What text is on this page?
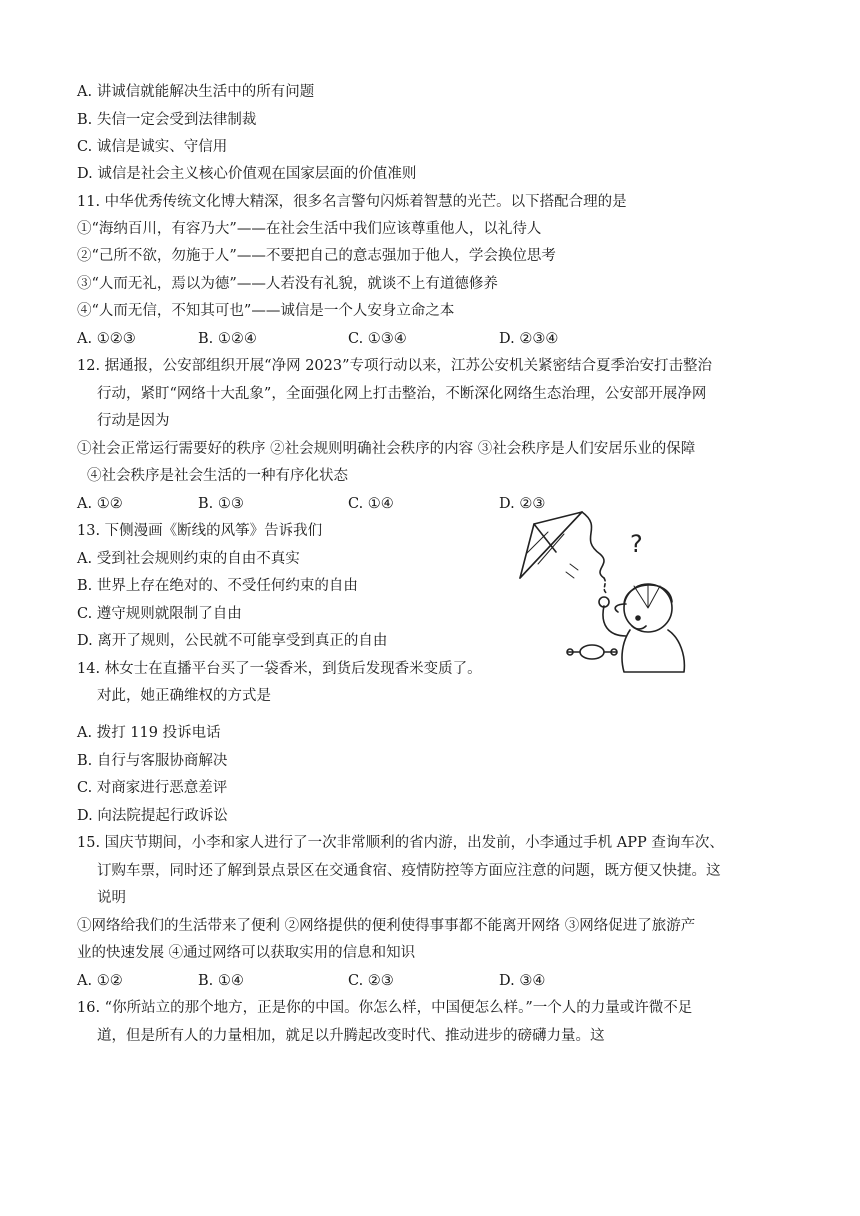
A. 讲诚信就能解决生活中的所有问题
B. 失信一定会受到法律制裁
C. 诚信是诚实、守信用
D. 诚信是社会主义核心价值观在国家层面的价值准则
11. 中华优秀传统文化博大精深，很多名言警句闪烁着智慧的光芒。以下搭配合理的是
①“海纳百川，有容乃大”——在社会生活中我们应该尊重他人，以礼待人
②“己所不欲，勿施于人”——不要把自己的意志强加于他人，学会换位思考
③“人而无礼，焉以为德”——人若没有礼貌，就谈不上有道德修养
④“人而无信，不知其可也”——诚信是一个人安身立命之本
A. ①②③	B. ①②④	C. ①③④	D. ②③④
12. 据通报，公安部组织开展“净网 2023”专项行动以来，江苏公安机关紧密结合夏季治安打击整治
行动，紧盯“网络十大乱象”，全面强化网上打击整治，不断深化网络生态治理，公安部开展净网
行动是因为
①社会正常运行需要好的秩序 ②社会规则明确社会秩序的内容 ③社会秩序是人们安居乐业的保障
④社会秩序是社会生活的一种有序化状态
A. ①②	B. ①③	C. ①④	D. ②③
13. 下侧漫画《断线的风筝》告诉我们
A. 受到社会规则约束的自由不真实
B. 世界上存在绝对的、不受任何约束的自由
C. 遵守规则就限制了自由
D. 离开了规则，公民就不可能享受到真正的自由
?
14. 林女士在直播平台买了一袋香米，到货后发现香米变质了。
对此，她正确维权的方式是
A. 拨打 119 投诉电话
B. 自行与客服协商解决
C. 对商家进行恶意差评
D. 向法院提起行政诉讼
15. 国庆节期间，小李和家人进行了一次非常顺利的省内游，出发前，小李通过手机 APP 查询车次、
订购车票，同时还了解到景点景区在交通食宿、疫情防控等方面应注意的问题，既方便又快捷。这
说明
①网络给我们的生活带来了便利 ②网络提供的便利使得事事都不能离开网络 ③网络促进了旅游产
业的快速发展 ④通过网络可以获取实用的信息和知识
A. ①②	B. ①④	C. ②③	D. ③④
16. “你所站立的那个地方，正是你的中国。你怎么样，中国便怎么样。”一个人的力量或许微不足
道，但是所有人的力量相加，就足以升腾起改变时代、推动进步的磅礴力量。这
